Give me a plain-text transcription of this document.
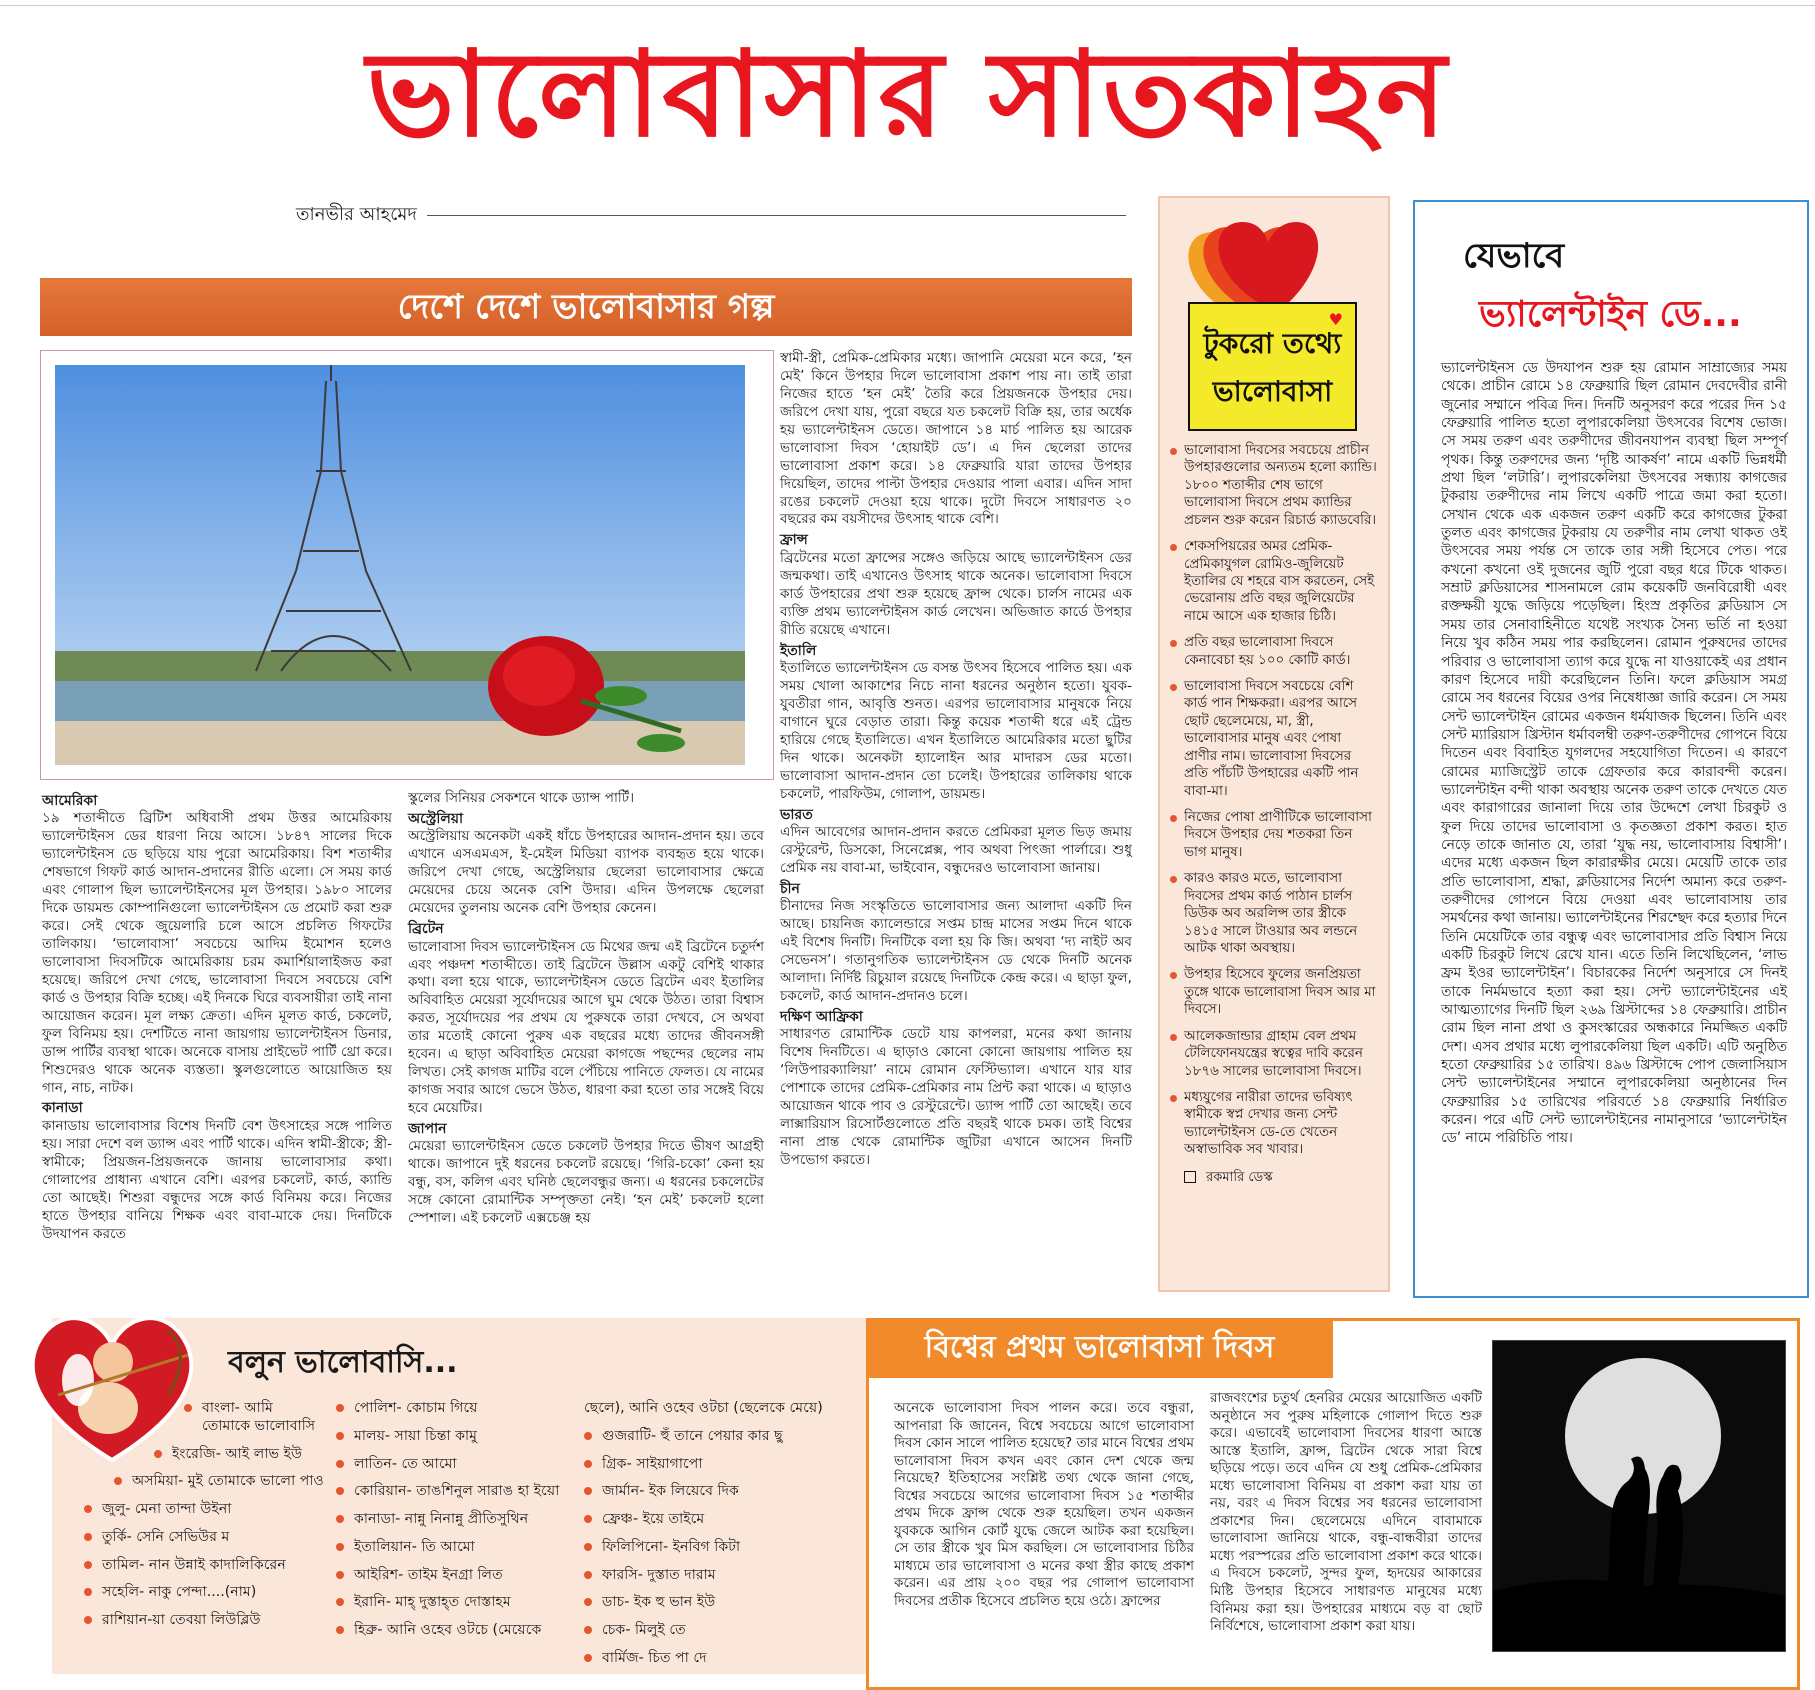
ভালোবাসার সাতকাহন
তানভীর আহমেদ
দেশে দেশে ভালোবাসার গল্প
আমেরিকা

১৯ শতাব্দীতে ব্রিটিশ অধিবাসী প্রথম উত্তর আমেরিকায় ভ্যালেন্টাইনস ডের ধারণা নিয়ে আসে। ১৮৪৭ সালের দিকে ভ্যালেন্টাইনস ডে ছড়িয়ে যায় পুরো আমেরিকায়। বিশ শতাব্দীর শেষভাগে গিফট কার্ড আদান-প্রদানের রীতি এলো। সে সময় কার্ড এবং গোলাপ ছিল ভ্যালেন্টাইনসের মূল উপহার। ১৯৮০ সালের দিকে ডায়মন্ড কোম্পানিগুলো ভ্যালেন্টাইনস ডে প্রমোট করা শুরু করে। সেই থেকে জুয়েলারি চলে আসে প্রচলিত গিফটের তালিকায়। ‘ভালোবাসা’ সবচেয়ে আদিম ইমোশন হলেও ভালোবাসা দিবসটিকে আমেরিকায় চরম কমার্শিয়ালাইজড করা হয়েছে। জরিপে দেখা গেছে, ভালোবাসা দিবসে সবচেয়ে বেশি কার্ড ও উপহার বিক্রি হচ্ছে। এই দিনকে ঘিরে ব্যবসায়ীরা তাই নানা আয়োজন করেন। মূল লক্ষ্য ক্রেতা। এদিন মূলত কার্ড, চকলেট, ফুল বিনিময় হয়। দেশটিতে নানা জায়গায় ভ্যালেন্টাইনস ডিনার, ডান্স পার্টির ব্যবস্থা থাকে। অনেকে বাসায় প্রাইভেট পার্টি থ্রো করে। শিশুদেরও থাকে অনেক ব্যস্ততা। স্কুলগুলোতে আয়োজিত হয় গান, নাচ, নাটক।

কানাডা

কানাডায় ভালোবাসার বিশেষ দিনটি বেশ উৎসাহের সঙ্গে পালিত হয়। সারা দেশে বল ড্যান্স এবং পার্টি থাকে। এদিন স্বামী-স্ত্রীকে; স্ত্রী-স্বামীকে; প্রিয়জন-প্রিয়জনকে জানায় ভালোবাসার কথা। গোলাপের প্রাধান্য এখানে বেশি। এরপর চকলেট, কার্ড, ক্যান্ডি তো আছেই। শিশুরা বন্ধুদের সঙ্গে কার্ড বিনিময় করে। নিজের হাতে উপহার বানিয়ে শিক্ষক এবং বাবা-মাকে দেয়। দিনটিকে উদযাপন করতে

স্কুলের সিনিয়র সেকশনে থাকে ড্যান্স পার্টি।

অস্ট্রেলিয়া

অস্ট্রেলিয়ায় অনেকটা একই ধাঁচে উপহারের আদান-প্রদান হয়। তবে এখানে এসএমএস, ই-মেইল মিডিয়া ব্যাপক ব্যবহৃত হয়ে থাকে। জরিপে দেখা গেছে, অস্ট্রেলিয়ার ছেলেরা ভালোবাসার ক্ষেত্রে মেয়েদের চেয়ে অনেক বেশি উদার। এদিন উপলক্ষে ছেলেরা মেয়েদের তুলনায় অনেক বেশি উপহার কেনেন।

ব্রিটেন

ভালোবাসা দিবস ভ্যালেন্টাইনস ডে মিথের জন্ম এই ব্রিটেনে চতুর্দশ এবং পঞ্চদশ শতাব্দীতে। তাই ব্রিটেনে উল্লাস একটু বেশিই থাকার কথা। বলা হয়ে থাকে, ভ্যালেন্টাইনস ডেতে ব্রিটেন এবং ইতালির অবিবাহিত মেয়েরা সূর্যোদয়ের আগে ঘুম থেকে উঠত। তারা বিশ্বাস করত, সূর্যোদয়ের পর প্রথম যে পুরুষকে তারা দেখবে, সে অথবা তার মতোই কোনো পুরুষ এক বছরের মধ্যে তাদের জীবনসঙ্গী হবেন। এ ছাড়া অবিবাহিত মেয়েরা কাগজে পছন্দের ছেলের নাম লিখত। সেই কাগজ মাটির বলে পেঁচিয়ে পানিতে ফেলত। যে নামের কাগজ সবার আগে ভেসে উঠত, ধারণা করা হতো তার সঙ্গেই বিয়ে হবে মেয়েটির।

জাপান

মেয়েরা ভ্যালেন্টাইনস ডেতে চকলেট উপহার দিতে ভীষণ আগ্রহী থাকে। জাপানে দুই ধরনের চকলেট রয়েছে। ‘গিরি-চকো’ কেনা হয় বন্ধু, বস, কলিগ এবং ঘনিষ্ঠ ছেলেবন্ধুর জন্য। এ ধরনের চকলেটের সঙ্গে কোনো রোমান্টিক সম্পৃক্ততা নেই। ‘হন মেই’ চকলেট হলো স্পেশাল। এই চকলেট এক্সচেঞ্জ হয়

স্বামী-স্ত্রী, প্রেমিক-প্রেমিকার মধ্যে। জাপানি মেয়েরা মনে করে, ‘হন মেই’ কিনে উপহার দিলে ভালোবাসা প্রকাশ পায় না। তাই তারা নিজের হাতে ‘হন মেই’ তৈরি করে প্রিয়জনকে উপহার দেয়। জরিপে দেখা যায়, পুরো বছরে যত চকলেট বিক্রি হয়, তার অর্ধেক হয় ভ্যালেন্টাইনস ডেতে। জাপানে ১৪ মার্চ পালিত হয় আরেক ভালোবাসা দিবস ‘হোয়াইট ডে’। এ দিন ছেলেরা তাদের ভালোবাসা প্রকাশ করে। ১৪ ফেব্রুয়ারি যারা তাদের উপহার দিয়েছিল, তাদের পাল্টা উপহার দেওয়ার পালা এবার। এদিন সাদা রঙের চকলেট দেওয়া হয়ে থাকে। দুটো দিবসে সাধারণত ২০ বছরের কম বয়সীদের উৎসাহ থাকে বেশি।

ফ্রান্স

ব্রিটেনের মতো ফ্রান্সের সঙ্গেও জড়িয়ে আছে ভ্যালেন্টাইনস ডের জন্মকথা। তাই এখানেও উৎসাহ থাকে অনেক। ভালোবাসা দিবসে কার্ড উপহারের প্রথা শুরু হয়েছে ফ্রান্স থেকে। চার্লস নামের এক ব্যক্তি প্রথম ভ্যালেন্টাইনস কার্ড লেখেন। অভিজাত কার্ডে উপহার রীতি রয়েছে এখানে।

ইতালি

ইতালিতে ভ্যালেন্টাইনস ডে বসন্ত উৎসব হিসেবে পালিত হয়। এক সময় খোলা আকাশের নিচে নানা ধরনের অনুষ্ঠান হতো। যুবক-যুবতীরা গান, আবৃত্তি শুনত। এরপর ভালোবাসার মানুষকে নিয়ে বাগানে ঘুরে বেড়াত তারা। কিন্তু কয়েক শতাব্দী ধরে এই ট্রেন্ড হারিয়ে গেছে ইতালিতে। এখন ইতালিতে আমেরিকার মতো ছুটির দিন থাকে। অনেকটা হ্যালোইন আর মাদারস ডের মতো। ভালোবাসা আদান-প্রদান তো চলেই। উপহারের তালিকায় থাকে চকলেট, পারফিউম, গোলাপ, ডায়মন্ড।

ভারত

এদিন আবেগের আদান-প্রদান করতে প্রেমিকরা মূলত ভিড় জমায় রেস্টুরেন্ট, ডিসকো, সিনেপ্লেক্স, পাব অথবা পিৎজা পার্লারে। শুধু প্রেমিক নয় বাবা-মা, ভাইবোন, বন্ধুদেরও ভালোবাসা জানায়।

চীন

চীনাদের নিজ সংস্কৃতিতে ভালোবাসার জন্য আলাদা একটি দিন আছে। চায়নিজ ক্যালেন্ডারে সপ্তম চান্দ্র মাসের সপ্তম দিনে থাকে এই বিশেষ দিনটি। দিনটিকে বলা হয় কি জি। অথবা ‘দ্য নাইট অব সেভেনস’। গতানুগতিক ভ্যালেন্টাইনস ডে থেকে দিনটি অনেক আলাদা। নির্দিষ্ট রিচুয়াল রয়েছে দিনটিকে কেন্দ্র করে। এ ছাড়া ফুল, চকলেট, কার্ড আদান-প্রদানও চলে।

দক্ষিণ আফ্রিকা

সাধারণত রোমান্টিক ডেটে যায় কাপলরা, মনের কথা জানায় বিশেষ দিনটিতে। এ ছাড়াও কোনো কোনো জায়গায় পালিত হয় ‘লিউপারক্যালিয়া’ নামে রোমান ফেস্টিভ্যাল। এখানে যার যার পোশাকে তাদের প্রেমিক-প্রেমিকার নাম প্রিন্ট করা থাকে। এ ছাড়াও আয়োজন থাকে পাব ও রেস্টুরেন্টে। ড্যান্স পার্টি তো আছেই। তবে লাক্সারিয়াস রিসোর্টগুলোতে প্রতি বছরই থাকে চমক। তাই বিশ্বের নানা প্রান্ত থেকে রোমান্টিক জুটিরা এখানে আসেন দিনটি উপভোগ করতে।

ভালোবাসা দিবসের সবচেয়ে প্রাচীন উপহারগুলোর অন্যতম হলো ক্যান্ডি। ১৮০০ শতাব্দীর শেষ ভাগে ভালোবাসা দিবসে প্রথম ক্যান্ডির প্রচলন শুরু করেন রিচার্ড ক্যাডবেরি।
শেকসপিয়রের অমর প্রেমিক-প্রেমিকাযুগল রোমিও-জুলিয়েট ইতালির যে শহরে বাস করতেন, সেই ভেরোনায় প্রতি বছর জুলিয়েটের নামে আসে এক হাজার চিঠি।
প্রতি বছর ভালোবাসা দিবসে কেনাবেচা হয় ১০০ কোটি কার্ড।
ভালোবাসা দিবসে সবচেয়ে বেশি কার্ড পান শিক্ষকরা। এরপর আসে ছোট ছেলেমেয়ে, মা, স্ত্রী, ভালোবাসার মানুষ এবং পোষা প্রাণীর নাম। ভালোবাসা দিবসের প্রতি পাঁচটি উপহারের একটি পান বাবা-মা।
নিজের পোষা প্রাণীটিকে ভালোবাসা দিবসে উপহার দেয় শতকরা তিন ভাগ মানুষ।
কারও কারও মতে, ভালোবাসা দিবসের প্রথম কার্ড পাঠান চার্লস ডিউক অব অরলিন্স তার স্ত্রীকে ১৪১৫ সালে টাওয়ার অব লন্ডনে আটক থাকা অবস্থায়।
উপহার হিসেবে ফুলের জনপ্রিয়তা তুঙ্গে থাকে ভালোবাসা দিবস আর মা দিবসে।
আলেকজান্ডার গ্রাহাম বেল প্রথম টেলিফোনযন্ত্রের স্বত্বের দাবি করেন ১৮৭৬ সালের ভালোবাসা দিবসে।
মধ্যযুগের নারীরা তাদের ভবিষ্যৎ স্বামীকে স্বপ্ন দেখার জন্য সেন্ট ভ্যালেন্টাইনস ডে-তে খেতেন অস্বাভাবিক সব খাবার।
রকমারি ডেস্ক
♥
টুকরো তথ্যে
ভালোবাসা
যেভাবে
ভ্যালেন্টাইন ডে...
ভ্যালেন্টাইনস ডে উদযাপন শুরু হয় রোমান সাম্রাজ্যের সময় থেকে। প্রাচীন রোমে ১৪ ফেব্রুয়ারি ছিল রোমান দেবদেবীর রানী জুনোর সম্মানে পবিত্র দিন। দিনটি অনুসরণ করে পরের দিন ১৫ ফেব্রুয়ারি পালিত হতো লুপারকেলিয়া উৎসবের বিশেষ ভোজ। সে সময় তরুণ এবং তরুণীদের জীবনযাপন ব্যবস্থা ছিল সম্পূর্ণ পৃথক। কিন্তু তরুণদের জন্য ‘দৃষ্টি আকর্ষণ’ নামে একটি ভিন্নধর্মী প্রথা ছিল ‘লটারি’। লুপারকেলিয়া উৎসবের সন্ধ্যায় কাগজের টুকরায় তরুণীদের নাম লিখে একটি পাত্রে জমা করা হতো। সেখান থেকে এক একজন তরুণ একটি করে কাগজের টুকরা তুলত এবং কাগজের টুকরায় যে তরুণীর নাম লেখা থাকত ওই উৎসবের সময় পর্যন্ত সে তাকে তার সঙ্গী হিসেবে পেত। পরে কখনো কখনো ওই দুজনের জুটি পুরো বছর ধরে টিকে থাকত। সম্রাট ক্লডিয়াসের শাসনামলে রোম কয়েকটি জনবিরোধী এবং রক্তক্ষয়ী যুদ্ধে জড়িয়ে পড়েছিল। হিংস্র প্রকৃতির ক্লডিয়াস সে সময় তার সেনাবাহিনীতে যথেষ্ট সংখ্যক সৈন্য ভর্তি না হওয়া নিয়ে খুব কঠিন সময় পার করছিলেন। রোমান পুরুষদের তাদের পরিবার ও ভালোবাসা ত্যাগ করে যুদ্ধে না যাওয়াকেই এর প্রধান কারণ হিসেবে দায়ী করেছিলেন তিনি। ফলে ক্লডিয়াস সমগ্র রোমে সব ধরনের বিয়ের ওপর নিষেধাজ্ঞা জারি করেন। সে সময় সেন্ট ভ্যালেন্টাইন রোমের একজন ধর্মযাজক ছিলেন। তিনি এবং সেন্ট ম্যারিয়াস খ্রিস্টান ধর্মাবলম্বী তরুণ-তরুণীদের গোপনে বিয়ে দিতেন এবং বিবাহিত যুগলদের সহযোগিতা দিতেন। এ কারণে রোমের ম্যাজিস্ট্রেট তাকে গ্রেফতার করে কারাবন্দী করেন। ভ্যালেন্টাইন বন্দী থাকা অবস্থায় অনেক তরুণ তাকে দেখতে যেত এবং কারাগারের জানালা দিয়ে তার উদ্দেশে লেখা চিরকুট ও ফুল দিয়ে তাদের ভালোবাসা ও কৃতজ্ঞতা প্রকাশ করত। হাত নেড়ে তাকে জানাত যে, তারা ‘যুদ্ধ নয়, ভালোবাসায় বিশ্বাসী’। এদের মধ্যে একজন ছিল কারারক্ষীর মেয়ে। মেয়েটি তাকে তার প্রতি ভালোবাসা, শ্রদ্ধা, ক্লডিয়াসের নির্দেশ অমান্য করে তরুণ-তরুণীদের গোপনে বিয়ে দেওয়া এবং ভালোবাসায় তার সমর্থনের কথা জানায়। ভ্যালেন্টাইনের শিরশ্ছেদ করে হত্যার দিনে তিনি মেয়েটিকে তার বন্ধুত্ব এবং ভালোবাসার প্রতি বিশ্বাস নিয়ে একটি চিরকুট লিখে রেখে যান। এতে তিনি লিখেছিলেন, ‘লাভ ফ্রম ইওর ভ্যালেন্টাইন’। বিচারকের নির্দেশ অনুসারে সে দিনই তাকে নির্মমভাবে হত্যা করা হয়। সেন্ট ভ্যালেন্টাইনের এই আত্মত্যাগের দিনটি ছিল ২৬৯ খ্রিস্টাব্দের ১৪ ফেব্রুয়ারি। প্রাচীন রোম ছিল নানা প্রথা ও কুসংস্কারের অন্ধকারে নিমজ্জিত একটি দেশ। এসব প্রথার মধ্যে লুপারকেলিয়া ছিল একটি। এটি অনুষ্ঠিত হতো ফেব্রুয়ারির ১৫ তারিখ। ৪৯৬ খ্রিস্টাব্দে পোপ জেলাসিয়াস সেন্ট ভ্যালেন্টাইনের সম্মানে লুপারকেলিয়া অনুষ্ঠানের দিন ফেব্রুয়ারির ১৫ তারিখের পরিবর্তে ১৪ ফেব্রুয়ারি নির্ধারিত করেন। পরে এটি সেন্ট ভ্যালেন্টাইনের নামানুসারে ‘ভ্যালেন্টাইন ডে’ নামে পরিচিতি পায়।
বলুন ভালোবাসি...
বাংলা- আমি তোমাকে ভালোবাসি
ইংরেজি- আই লাভ ইউ
অসমিয়া- মুই তোমাকে ভালো পাও
জুলু- মেনা তান্দা উইনা
তুর্কি- সেনি সেভিউর ম
তামিল- নান উন্নাই কাদালিকিরেন
সহেলি- নাকু পেন্দা....(নাম)
রাশিয়ান-য়া তেবয়া লিউব্লিউ
পোলিশ- কোচাম গিয়ে
মালয়- সায়া চিন্তা কামু
লাতিন- তে আমো
কোরিয়ান- তাঙশিনুল সারাঙ হা ইয়ো
কানাডা- নান্নু নিনান্নু প্রীতিসুথিন
ইতালিয়ান- তি আমো
আইরিশ- তাইম ইনগ্রা লিত
ইরানি- মাহ্‌ দুস্তাহ্‌ত দোস্তাহম
হিব্রু- আনি ওহেব ওটচে (মেয়েকে
ছেলে), আনি ওহেব ওটচা (ছেলেকে মেয়ে)
গুজরাটি- হুঁ তানে পেয়ার কার ছু
গ্রিক- সাইয়াগাপো
জার্মান- ইক লিয়েবে দিক
ফ্রেঞ্চ- ইয়ে তাইমে
ফিলিপিনো- ইনবিগ কিটা
ফারসি- দুস্তাত দারাম
ডাচ- ইক হু ভান ইউ
চেক- মিলুই তে
বার্মিজ- চিত পা দে
বিশ্বের প্রথম ভালোবাসা দিবস
অনেকে ভালোবাসা দিবস পালন করে। তবে বন্ধুরা, আপনারা কি জানেন, বিশ্বে সবচেয়ে আগে ভালোবাসা দিবস কোন সালে পালিত হয়েছে? তার মানে বিশ্বের প্রথম ভালোবাসা দিবস কখন এবং কোন দেশ থেকে জন্ম নিয়েছে? ইতিহাসের সংশ্লিষ্ট তথ্য থেকে জানা গেছে, বিশ্বের সবচেয়ে আগের ভালোবাসা দিবস ১৫ শতাব্দীর প্রথম দিকে ফ্রান্স থেকে শুরু হয়েছিল। তখন একজন যুবককে আগিন কোর্ট যুদ্ধে জেলে আটক করা হয়েছিল। সে তার স্ত্রীকে খুব মিস করছিল। সে ভালোবাসার চিঠির মাধ্যমে তার ভালোবাসা ও মনের কথা স্ত্রীর কাছে প্রকাশ করেন। এর প্রায় ২০০ বছর পর গোলাপ ভালোবাসা দিবসের প্রতীক হিসেবে প্রচলিত হয়ে ওঠে। ফ্রান্সের
রাজবংশের চতুর্থ হেনরির মেয়ের আয়োজিত একটি অনুষ্ঠানে সব পুরুষ মহিলাকে গোলাপ দিতে শুরু করে। এভাবেই ভালোবাসা দিবসের ধারণা আস্তে আস্তে ইতালি, ফ্রান্স, ব্রিটেন থেকে সারা বিশ্বে ছড়িয়ে পড়ে। তবে এদিন যে শুধু প্রেমিক-প্রেমিকার মধ্যে ভালোবাসা বিনিময় বা প্রকাশ করা যায় তা নয়, বরং এ দিবস বিশ্বের সব ধরনের ভালোবাসা প্রকাশের দিন। ছেলেমেয়ে এদিনে বাবামাকে ভালোবাসা জানিয়ে থাকে, বন্ধু-বান্ধবীরা তাদের মধ্যে পরস্পরের প্রতি ভালোবাসা প্রকাশ করে থাকে। এ দিবসে চকলেট, সুন্দর ফুল, হৃদয়ের আকারের মিষ্টি উপহার হিসেবে সাধারণত মানুষের মধ্যে বিনিময় করা হয়। উপহারের মাধ্যমে বড় বা ছোট নির্বিশেষে, ভালোবাসা প্রকাশ করা যায়।
